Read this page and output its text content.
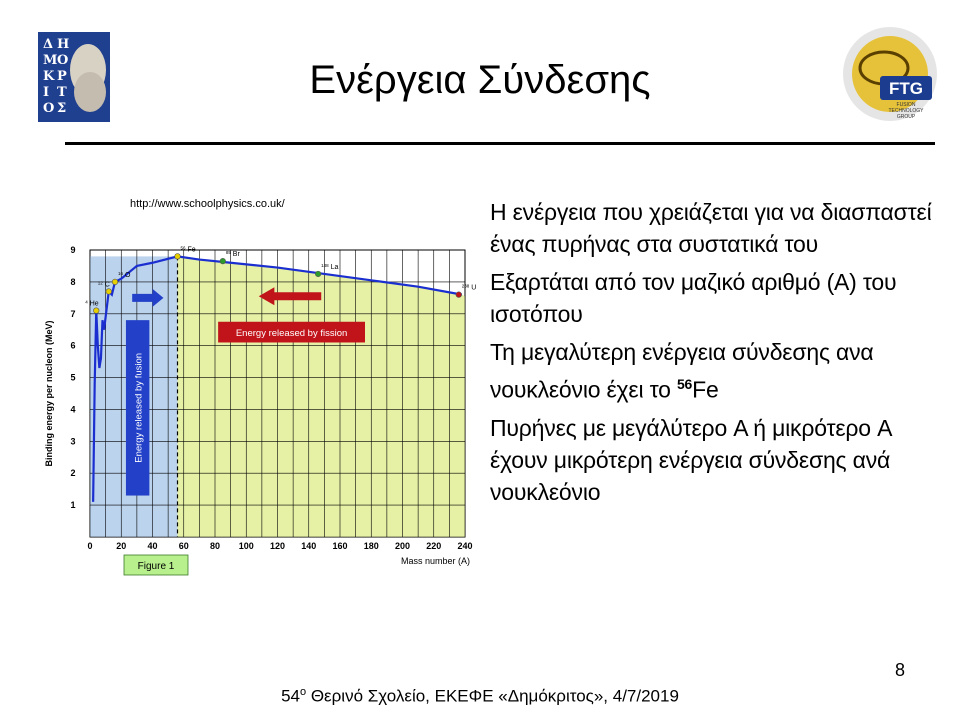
Δ Η
Μ Ο
Κ Ρ
Ι Τ
Ο Σ
FTG
FUSION
TECHNOLOGY
GROUP
Ενέργεια Σύνδεσης
http://www.schoolphysics.co.uk/
Energy released by fusion
Energy released by fission
$^4$ He
$^{12}$ C
$^{16}$ O
$^{56}$ Fe	$^{85}$ Br
$^{148}$ La
$^{238}$ U
0	20 40 60 80 100 120 140 160 180 200 220 240
1
2
3
4
5
6
7
8
9
Mass number (A)
Binding energy per nucleon (MeV)
Figure 1
Η ενέργεια που χρειάζεται για να διασπαστεί ένας πυρήνας στα συστατικά του
Εξαρτάται από τον μαζικό αριθμό (A) του ισοτόπου
Τη μεγαλύτερη ενέργεια σύνδεσης ανα νουκλεόνιο έχει το $^{56}$Fe
Πυρήνες με μεγάλύτερο A ή μικρότερο A έχουν μικρότερη ενέργεια σύνδεσης ανά νουκλεόνιο
8
$54^o$ Θερινό Σχολείο, ΕΚΕΦΕ «Δημόκριτος», 4/7/2019
